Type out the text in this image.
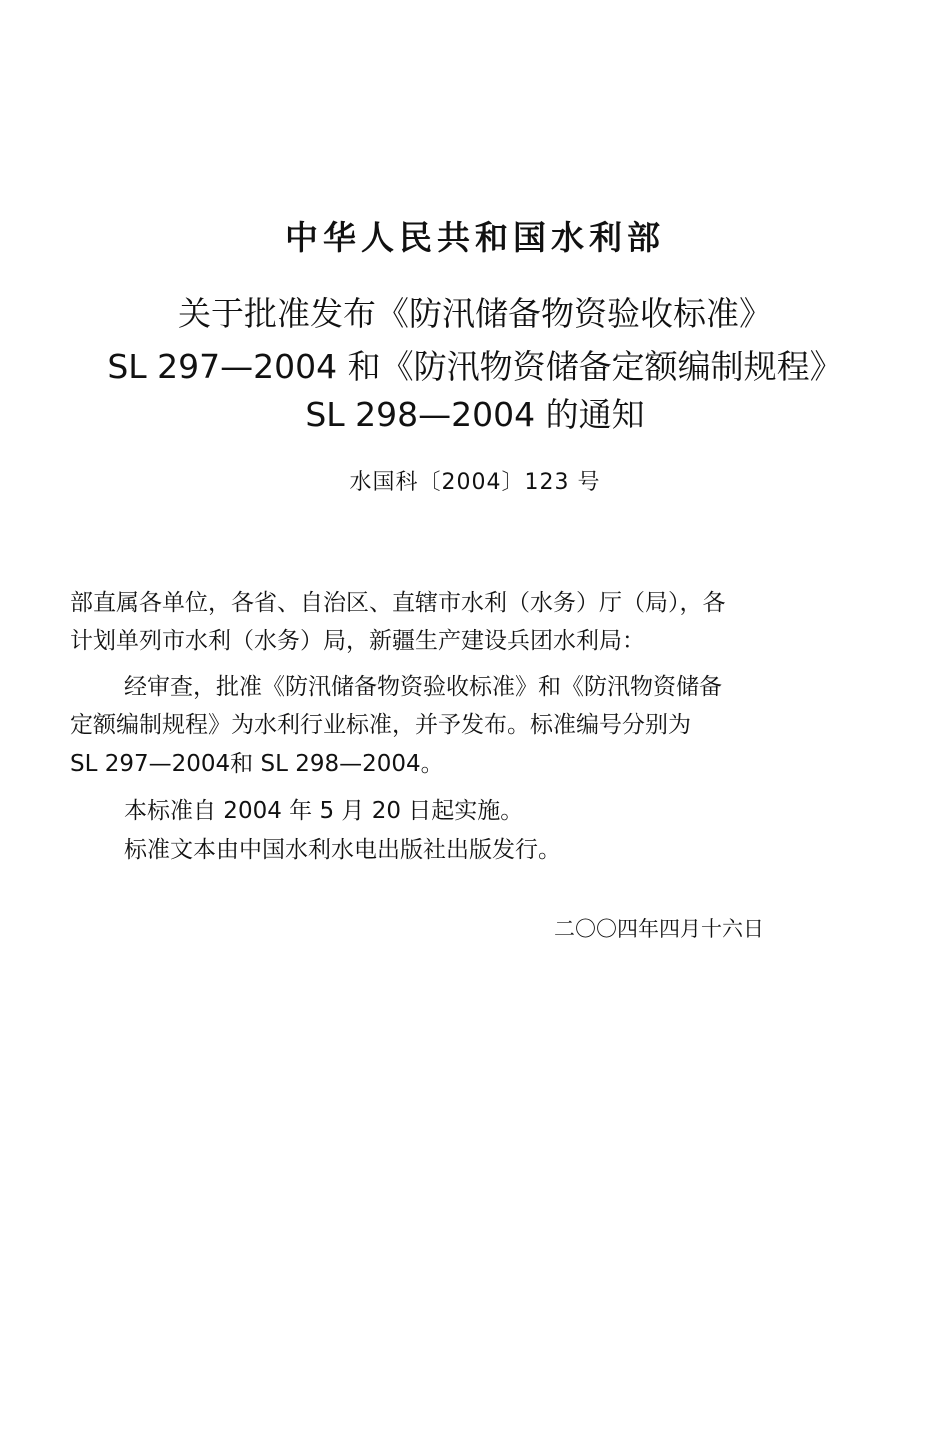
中华人民共和国水利部
关于批准发布《防汛储备物资验收标准》
SL 297—2004 和《防汛物资储备定额编制规程》
SL 298—2004 的通知
水国科〔2004〕123 号
部直属各单位，各省、自治区、直辖市水利（水务）厅（局），各
计划单列市水利（水务）局，新疆生产建设兵团水利局：
经审查，批准《防汛储备物资验收标准》和《防汛物资储备
定额编制规程》为水利行业标准，并予发布。标准编号分别为
SL 297—2004和 SL 298—2004。
本标准自 2004 年 5 月 20 日起实施。
标准文本由中国水利水电出版社出版发行。
二〇〇四年四月十六日
